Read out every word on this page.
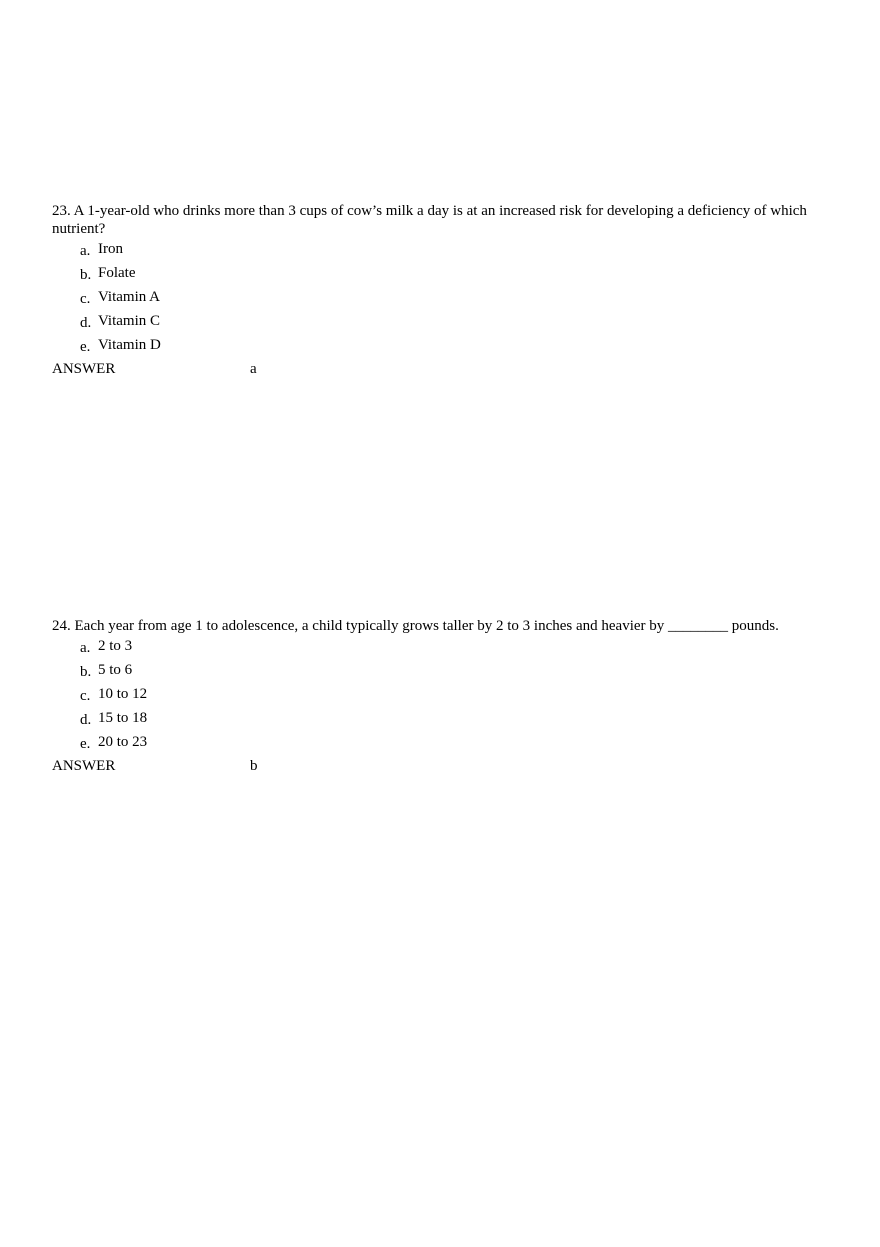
23. A 1-year-old who drinks more than 3 cups of cow’s milk a day is at an increased risk for developing a deficiency of which nutrient?

a. Iron
b. Folate
c. Vitamin A
d. Vitamin C
e. Vitamin D
ANSWER	a

24. Each year from age 1 to adolescence, a child typically grows taller by 2 to 3 inches and heavier by ________ pounds.

a. 2 to 3
b. 5 to 6
c. 10 to 12
d. 15 to 18
e. 20 to 23
ANSWER	b
